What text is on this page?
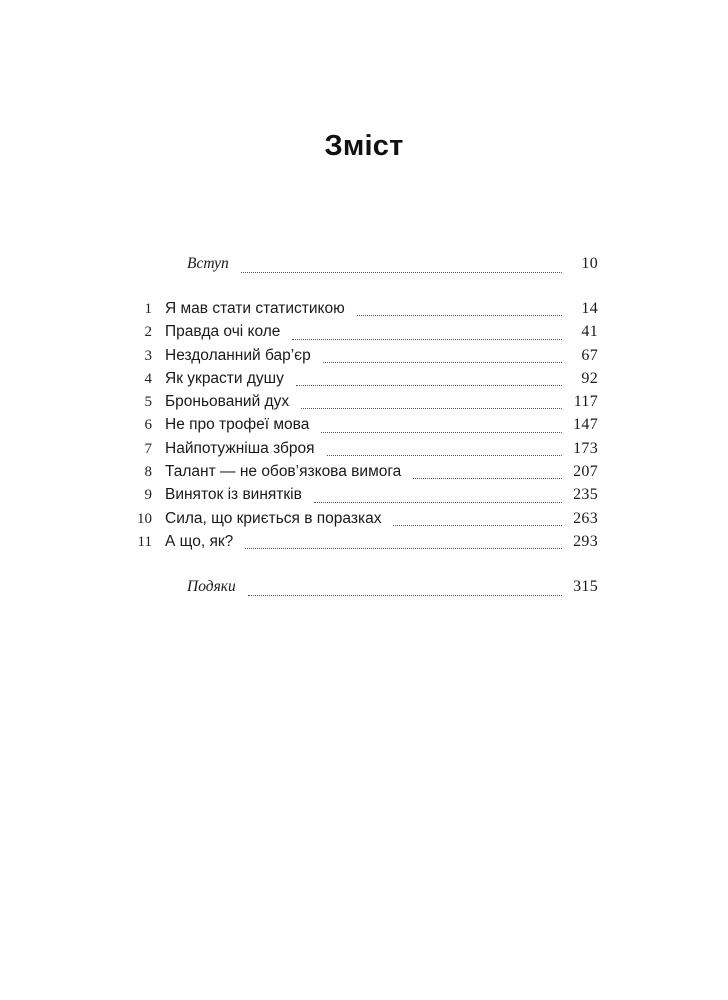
Зміст
Вступ	10
1 Я мав стати статистикою	14
2 Правда очі коле	41
3 Нездоланний бар’єр	67
4 Як украсти душу	92
5 Броньований дух	117
6 Не про трофеї мова	147
7 Найпотужніша зброя	173
8 Талант — не обов’язкова вимога	207
9 Виняток із винятків	235
10 Сила, що криється в поразках	263
11 А що, як?	293
Подяки	315
